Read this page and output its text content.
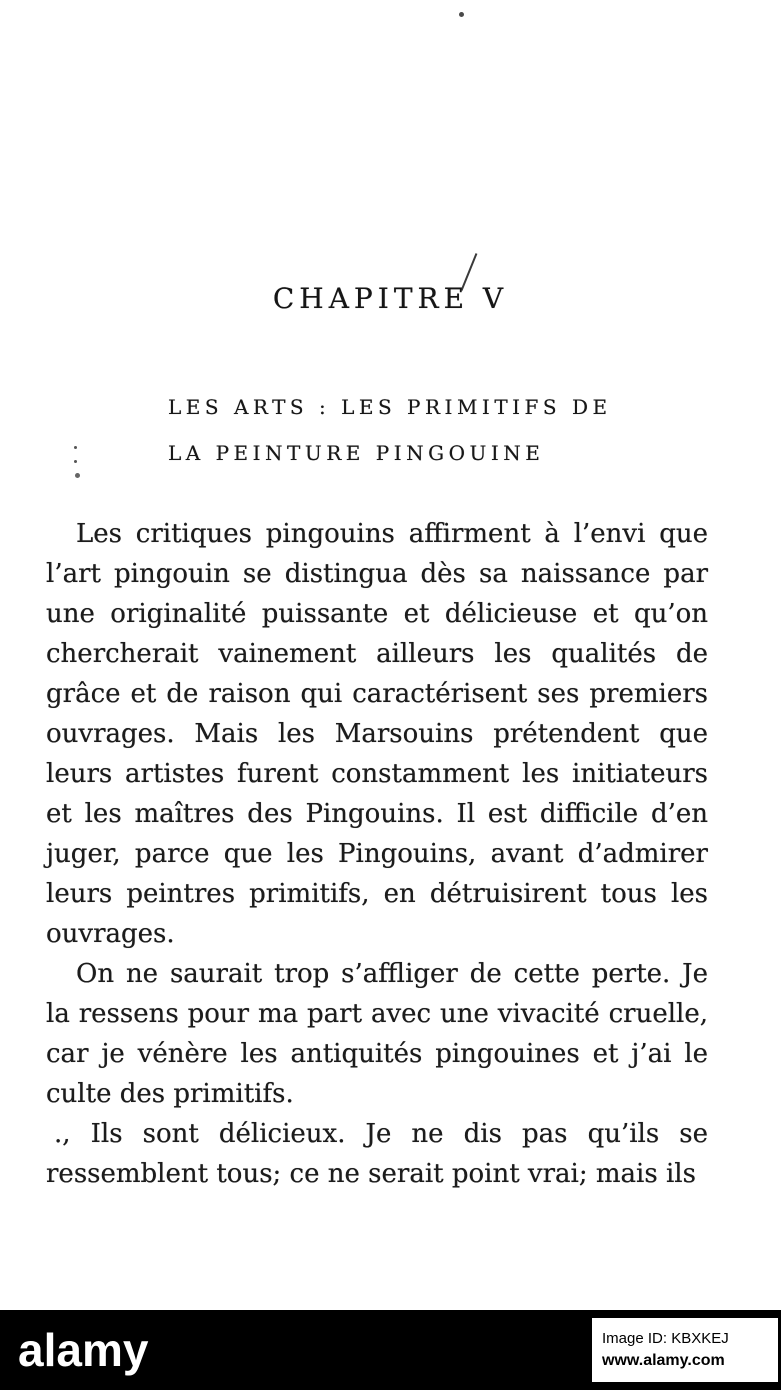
CHAPITRE V
LES ARTS : LES PRIMITIFS DE
LA PEINTURE PINGOUINE

Les critiques pingouins affirment à l’envi que l’art pingouin se distingua dès sa naissance par une originalité puissante et délicieuse et qu’on chercherait vainement ailleurs les qualités de grâce et de raison qui caractérisent ses premiers ouvrages. Mais les Marsouins prétendent que leurs artistes furent constamment les initiateurs et les maîtres des Pingouins. Il est difficile d’en juger, parce que les Pingouins, avant d’admirer leurs peintres primitifs, en détruisirent tous les ouvrages.

On ne saurait trop s’affliger de cette perte. Je la ressens pour ma part avec une vivacité cruelle, car je vénère les antiquités pingouines et j’ai le culte des primitifs.

., Ils sont délicieux. Je ne dis pas qu’ils se ressemblent tous; ce ne serait point vrai; mais ils

alamy	Image ID: KBXKEJ
www.alamy.com
